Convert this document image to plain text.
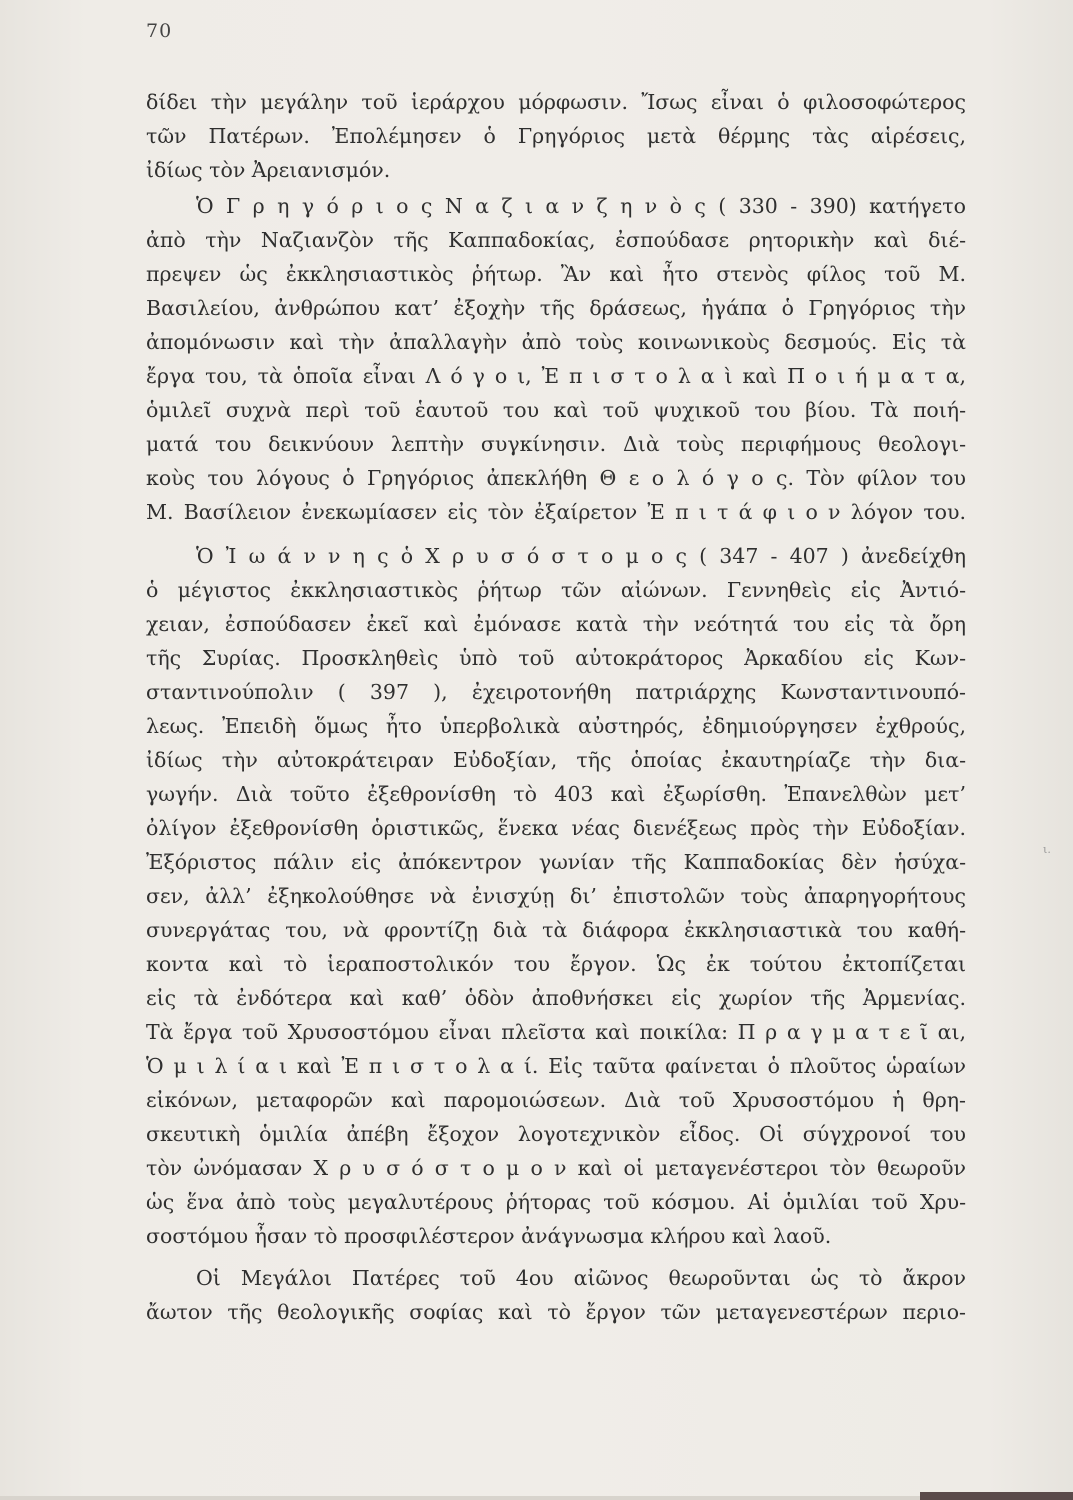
70
δίδει τὴν μεγάλην τοῦ ἱεράρχου μόρφωσιν. Ἴσως εἶναι ὁ φιλοσοφώτερος
τῶν Πατέρων. Ἐπολέμησεν ὁ Γρηγόριος μετὰ θέρμης τὰς αἱρέσεις,
ἰδίως τὸν Ἀρειανισμόν.
Ὁ Γ ρ η γ ό ρ ι ο ς Ν α ζ ι α ν ζ η ν ὸ ς ( 330 - 390) κατήγετο
ἀπὸ τὴν Ναζιανζὸν τῆς Καππαδοκίας, ἐσπούδασε ρητορικὴν καὶ διέ-
πρεψεν ὡς ἐκκλησιαστικὸς ῥήτωρ. Ἂν καὶ ἦτο στενὸς φίλος τοῦ Μ.
Βασιλείου, ἀνθρώπου κατ’ ἐξοχὴν τῆς δράσεως, ἠγάπα ὁ Γρηγόριος τὴν
ἀπομόνωσιν καὶ τὴν ἀπαλλαγὴν ἀπὸ τοὺς κοινωνικοὺς δεσμούς. Εἰς τὰ
ἔργα του, τὰ ὁποῖα εἶναι Λ ό γ ο ι, Ἐ π ι σ τ ο λ α ὶ καὶ Π ο ι ή μ α τ α,
ὁμιλεῖ συχνὰ περὶ τοῦ ἑαυτοῦ του καὶ τοῦ ψυχικοῦ του βίου. Τὰ ποιή-
ματά του δεικνύουν λεπτὴν συγκίνησιν. Διὰ τοὺς περιφήμους θεολογι-
κοὺς του λόγους ὁ Γρηγόριος ἀπεκλήθη Θ ε ο λ ό γ ο ς. Τὸν φίλον του
Μ. Βασίλειον ἐνεκωμίασεν εἰς τὸν ἐξαίρετον Ἐ π ι τ ά φ ι ο ν λόγον του.
Ὁ Ἰ ω ά ν ν η ς ὁ Χ ρ υ σ ό σ τ ο μ ο ς ( 347 - 407 ) ἀνεδείχθη
ὁ μέγιστος ἐκκλησιαστικὸς ῥήτωρ τῶν αἰώνων. Γεννηθεὶς εἰς Ἀντιό-
χειαν, ἐσπούδασεν ἐκεῖ καὶ ἐμόνασε κατὰ τὴν νεότητά του εἰς τὰ ὄρη
τῆς Συρίας. Προσκληθεὶς ὑπὸ τοῦ αὐτοκράτορος Ἀρκαδίου εἰς Κων-
σταντινούπολιν ( 397 ), ἐχειροτονήθη πατριάρχης Κωνσταντινουπό-
λεως. Ἐπειδὴ ὅμως ἦτο ὑπερβολικὰ αὐστηρός, ἐδημιούργησεν ἐχθρούς,
ἰδίως τὴν αὐτοκράτειραν Εὐδοξίαν, τῆς ὁποίας ἐκαυτηρίαζε τὴν δια-
γωγήν. Διὰ τοῦτο ἐξεθρονίσθη τὸ 403 καὶ ἐξωρίσθη. Ἐπανελθὼν μετ’
ὀλίγον ἐξεθρονίσθη ὁριστικῶς, ἕνεκα νέας διενέξεως πρὸς τὴν Εὐδοξίαν.
Ἐξόριστος πάλιν εἰς ἀπόκεντρον γωνίαν τῆς Καππαδοκίας δὲν ἡσύχα-
σεν, ἀλλ’ ἐξηκολούθησε νὰ ἐνισχύῃ δι’ ἐπιστολῶν τοὺς ἀπαρηγορήτους
συνεργάτας του, νὰ φροντίζῃ διὰ τὰ διάφορα ἐκκλησιαστικὰ του καθή-
κοντα καὶ τὸ ἱεραποστολικόν του ἔργον. Ὡς ἐκ τούτου ἐκτοπίζεται
εἰς τὰ ἐνδότερα καὶ καθ’ ὁδὸν ἀποθνήσκει εἰς χωρίον τῆς Ἀρμενίας.
Τὰ ἔργα τοῦ Χρυσοστόμου εἶναι πλεῖστα καὶ ποικίλα: Π ρ α γ μ α τ ε ῖ αι,
Ὁ μ ι λ ί α ι καὶ Ἐ π ι σ τ ο λ α ί. Εἰς ταῦτα φαίνεται ὁ πλοῦτος ὡραίων
εἰκόνων, μεταφορῶν καὶ παρομοιώσεων. Διὰ τοῦ Χρυσοστόμου ἡ θρη-
σκευτικὴ ὁμιλία ἀπέβη ἔξοχον λογοτεχνικὸν εἶδος. Οἱ σύγχρονοί του
τὸν ὠνόμασαν Χ ρ υ σ ό σ τ ο μ ο ν καὶ οἱ μεταγενέστεροι τὸν θεωροῦν
ὡς ἕνα ἀπὸ τοὺς μεγαλυτέρους ῥήτορας τοῦ κόσμου. Αἱ ὁμιλίαι τοῦ Χρυ-
σοστόμου ἦσαν τὸ προσφιλέστερον ἀνάγνωσμα κλήρου καὶ λαοῦ.
Οἱ Μεγάλοι Πατέρες τοῦ 4ου αἰῶνος θεωροῦνται ὡς τὸ ἄκρον
ἄωτον τῆς θεολογικῆς σοφίας καὶ τὸ ἔργον τῶν μεταγενεστέρων περιο-
ι.
